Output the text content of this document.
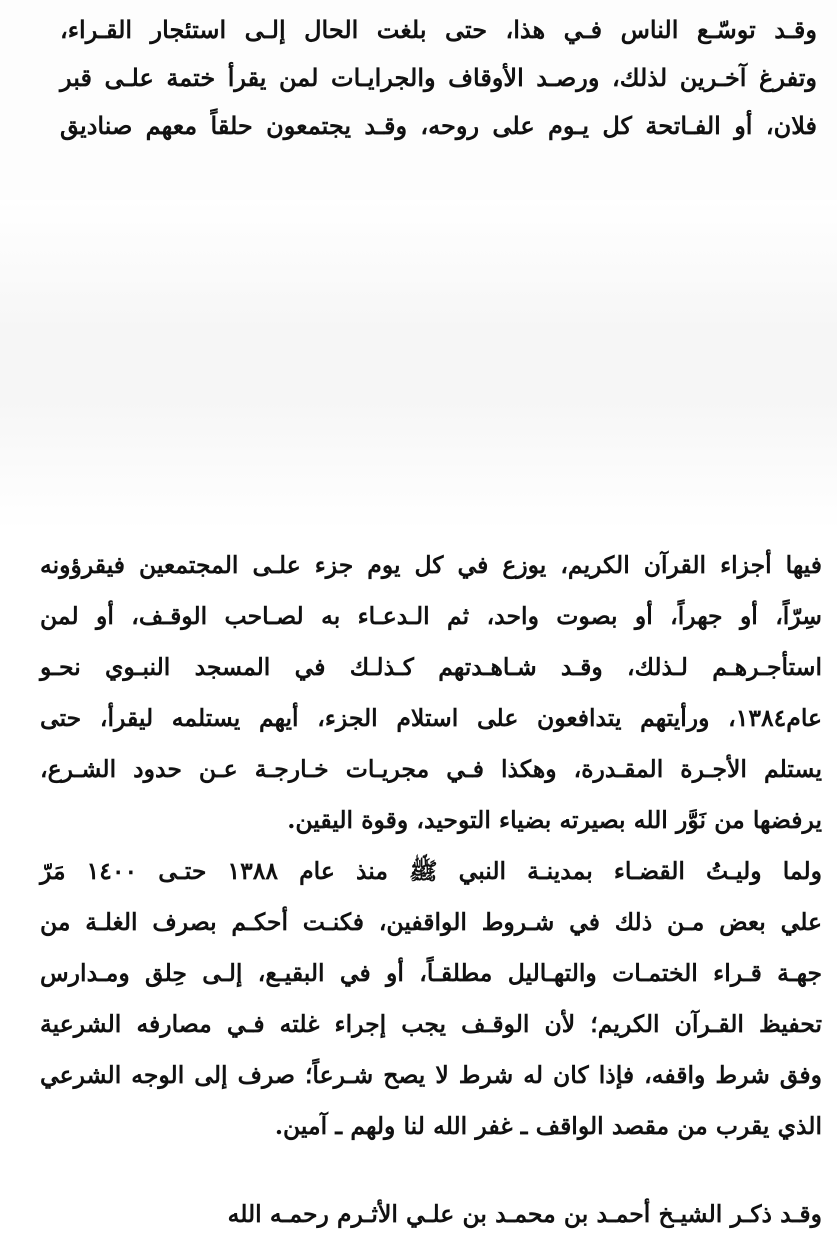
وقـد توسّـع الناس فـي هذا، حتى بلغت الحال إلـى استئجار القـراء،
وتفرغ آخـرين لذلك، ورصـد الأوقاف والجرايـات لمن يقرأ ختمة علـى قبر
فلان، أو الفـاتحة كل يـوم على روحه، وقـد يجتمعون حلقاً معهم صناديق
فيها أجزاء القرآن الكريم، يوزع في كل يوم جزء علـى المجتمعين فيقرؤونه
سِرّاً، أو جهراً، أو بصوت واحد، ثم الـدعـاء به لصـاحب الوقـف، أو لمن
استأجـرهـم لـذلك، وقـد شـاهـدتهم كـذلـك في المسجد النبـوي نحـو
عام١٣٨٤، ورأيتهم يتدافعون على استلام الجزء، أيهم يستلمه ليقرأ، حتى
يستلم الأجـرة المقـدرة، وهكذا فـي مجريـات خـارجـة عـن حدود الشـرع،
يرفضها من نَوَّر الله بصيرته بضياء التوحيد، وقوة اليقين.
ولما وليـتُ القضـاء بمدينـة النبي ﷺ منذ عام ١٣٨٨ حتـى ١٤٠٠ مَرّ
علي بعض مـن ذلك في شـروط الواقفين، فكنـت أحكـم بصرف الغلـة من
جهـة قـراء الختمـات والتهـاليل مطلقـاً، أو في البقيـع، إلـى حِلق ومـدارس
تحفيظ القـرآن الكريم؛ لأن الوقـف يجب إجراء غلته فـي مصارفه الشرعية
وفق شرط واقفه، فإذا كان له شرط لا يصح شـرعاً؛ صرف إلى الوجه الشرعي
الذي يقرب من مقصد الواقف ـ غفر الله لنا ولهم ـ آمين.
وقـد ذكـر الشيـخ أحمـد بن محمـد بن علـي الأثـرم رحمـه الله
